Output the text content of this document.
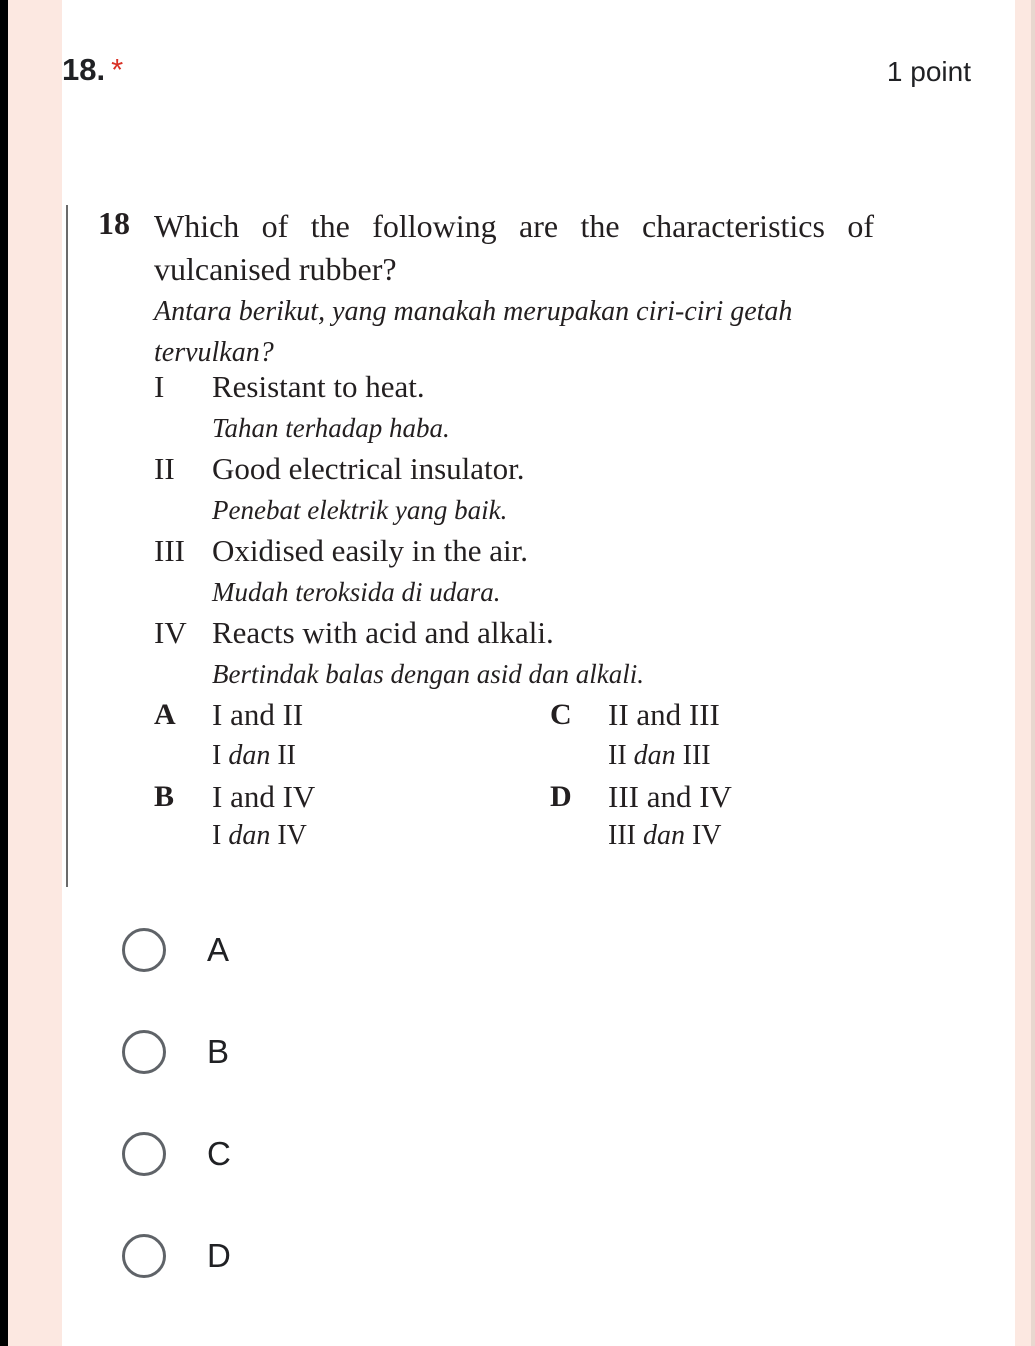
18. *	1 point
18 Which of the following are the characteristics of vulcanised rubber?
Antara berikut, yang manakah merupakan ciri-ciri getah tervulkan?
I Resistant to heat.
Tahan terhadap haba.
II Good electrical insulator.
Penebat elektrik yang baik.
III Oxidised easily in the air.
Mudah teroksida di udara.
IV Reacts with acid and alkali.
Bertindak balas dengan asid dan alkali.
A I and II
I dan II
C II and III
II dan III
B I and IV
I dan IV
D III and IV
III dan IV
A
B
C
D
